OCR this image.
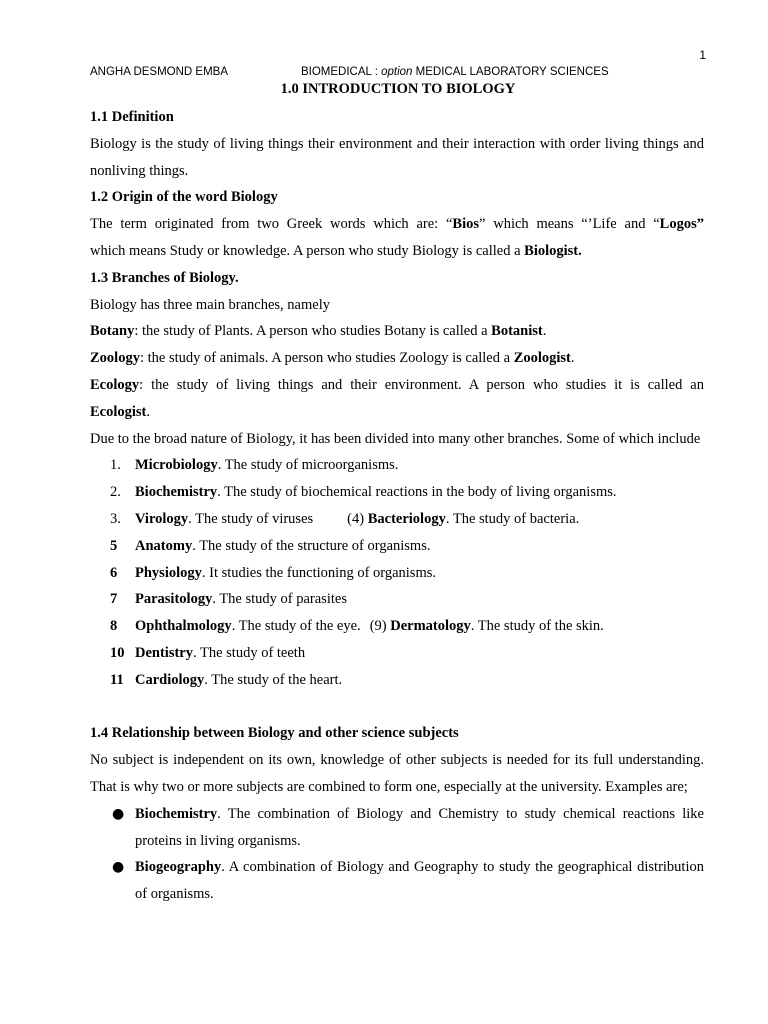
1
ANGHA DESMOND EMBA	BIOMEDICAL : option MEDICAL LABORATORY SCIENCES
1.0 INTRODUCTION TO BIOLOGY

1.1 Definition

Biology is the study of living things their environment and their interaction with order living things and nonliving things.

1.2 Origin of the word Biology

The term originated from two Greek words which are: “Bios” which means “’Life and “Logos”

which means Study or knowledge. A person who study Biology is called a Biologist.

1.3 Branches of Biology.

Biology has three main branches, namely

Botany: the study of Plants. A person who studies Botany is called a Botanist.

Zoology: the study of animals. A person who studies Zoology is called a Zoologist.

Ecology: the study of living things and their environment. A person who studies it is called an

Ecologist.

Due to the broad nature of Biology, it has been divided into many other branches. Some of which include

1. Microbiology. The study of microorganisms.
2. Biochemistry. The study of biochemical reactions in the body of living organisms.
3. Virology. The study of viruses (4) Bacteriology. The study of bacteria.
5	Anatomy. The study of the structure of organisms.
6	Physiology. It studies the functioning of organisms.
7	Parasitology. The study of parasites
8	Ophthalmology. The study of the eye. (9) Dermatology. The study of the skin.
10 Dentistry. The study of teeth
11 Cardiology. The study of the heart.

1.4 Relationship between Biology and other science subjects

No subject is independent on its own, knowledge of other subjects is needed for its full understanding. That is why two or more subjects are combined to form one, especially at the university. Examples are;

● Biochemistry. The combination of Biology and Chemistry to study chemical reactions like proteins in living organisms.
● Biogeography. A combination of Biology and Geography to study the geographical distribution of organisms.
